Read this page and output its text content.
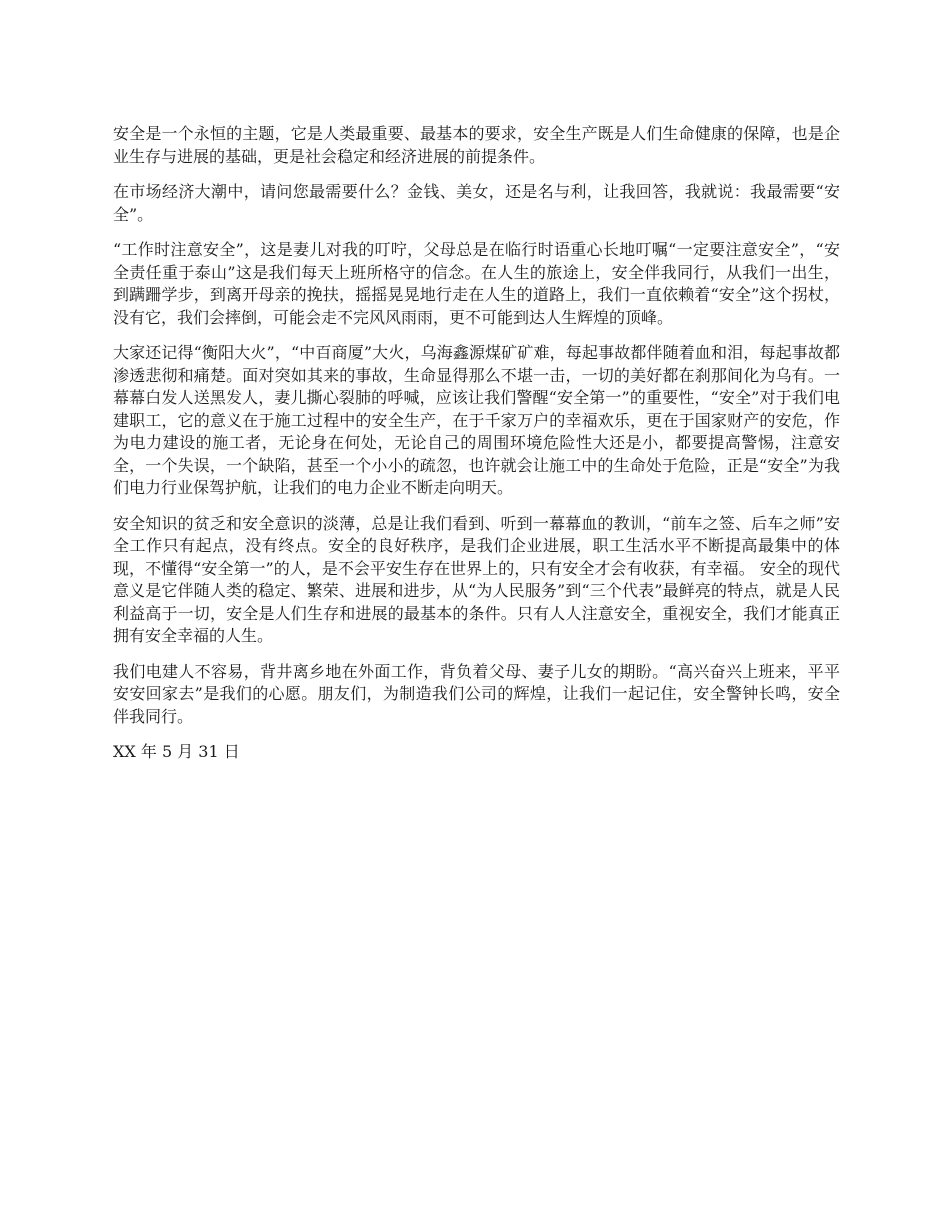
安全是一个永恒的主题，它是人类最重要、最基本的要求，安全生产既是人们生命健康的保障，也是企业生存与进展的基础，更是社会稳定和经济进展的前提条件。

在市场经济大潮中，请问您最需要什么？金钱、美女，还是名与利，让我回答，我就说：我最需要“安全”。

“工作时注意安全”，这是妻儿对我的叮咛，父母总是在临行时语重心长地叮嘱“一定要注意安全”，“安全责任重于泰山”这是我们每天上班所格守的信念。在人生的旅途上，安全伴我同行，从我们一出生，到蹒跚学步，到离开母亲的挽扶，摇摇晃晃地行走在人生的道路上，我们一直依赖着“安全”这个拐杖，没有它，我们会摔倒，可能会走不完风风雨雨，更不可能到达人生辉煌的顶峰。

大家还记得“衡阳大火”，“中百商厦”大火，乌海鑫源煤矿矿难，每起事故都伴随着血和泪，每起事故都渗透悲彻和痛楚。面对突如其来的事故，生命显得那么不堪一击，一切的美好都在刹那间化为乌有。一幕幕白发人送黑发人，妻儿撕心裂肺的呼喊，应该让我们警醒“安全第一”的重要性，“安全”对于我们电建职工，它的意义在于施工过程中的安全生产，在于千家万户的幸福欢乐，更在于国家财产的安危，作为电力建设的施工者，无论身在何处，无论自己的周围环境危险性大还是小，都要提高警惕，注意安全，一个失误，一个缺陷，甚至一个小小的疏忽，也许就会让施工中的生命处于危险，正是“安全”为我们电力行业保驾护航，让我们的电力企业不断走向明天。

安全知识的贫乏和安全意识的淡薄，总是让我们看到、听到一幕幕血的教训，“前车之签、后车之师”安全工作只有起点，没有终点。安全的良好秩序，是我们企业进展，职工生活水平不断提高最集中的体现，不懂得“安全第一”的人，是不会平安生存在世界上的，只有安全才会有收获，有幸福。 安全的现代意义是它伴随人类的稳定、繁荣、进展和进步，从“为人民服务”到“三个代表”最鲜亮的特点，就是人民利益高于一切，安全是人们生存和进展的最基本的条件。只有人人注意安全，重视安全，我们才能真正拥有安全幸福的人生。

我们电建人不容易，背井离乡地在外面工作，背负着父母、妻子儿女的期盼。“高兴奋兴上班来，平平安安回家去”是我们的心愿。朋友们，为制造我们公司的辉煌，让我们一起记住，安全警钟长鸣，安全伴我同行。

XX 年 5 月 31 日
